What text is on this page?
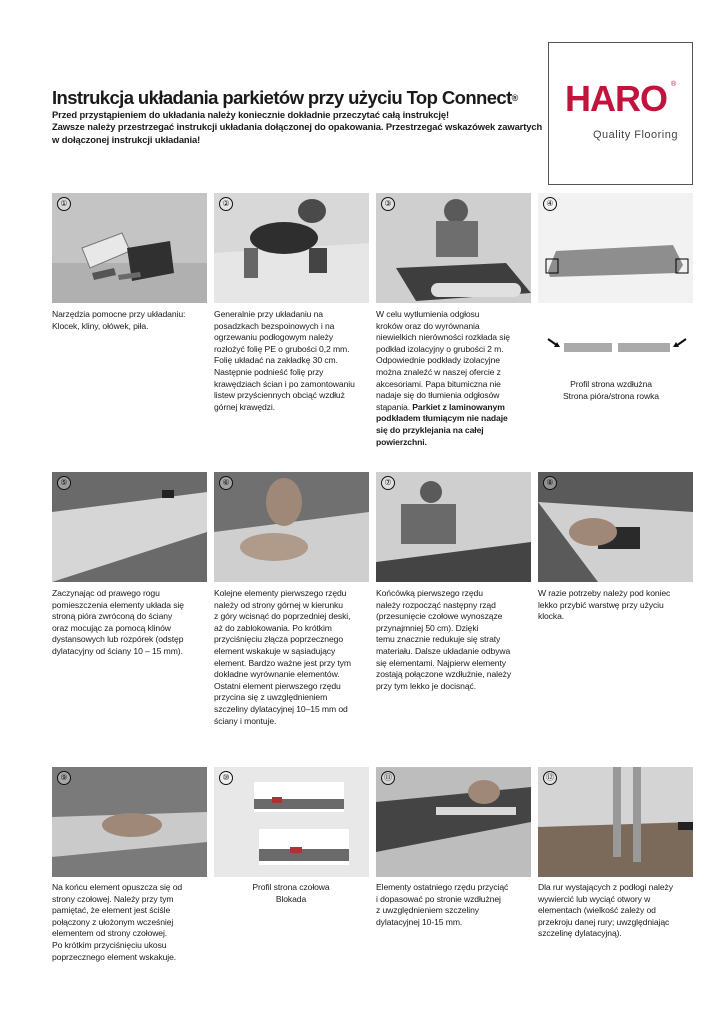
HARO ®
Quality Flooring
Instrukcja układania parkietów przy użyciu Top Connect®
Przed przystąpieniem do układania należy koniecznie dokładnie przeczytać całą instrukcję!
Zawsze należy przestrzegać instrukcji układania dołączonej do opakowania. Przestrzegać wskazówek zawartych
w dołączonej instrukcji układania!
①	②	③	④
Narzędzia pomocne przy układaniu:
Klocek, kliny, ołówek, piła.
Generalnie przy układaniu na
posadzkach bezspoinowych i na
ogrzewaniu podłogowym należy
rozłożyć folię PE o grubości 0,2 mm.
Folię układać na zakładkę 30 cm.
Następnie podnieść folię przy
krawędziach ścian i po zamontowaniu
listew przyściennych obciąć wzdłuż
górnej krawędzi.
W celu wytłumienia odgłosu
kroków oraz do wyrównania
niewielkich nierówności rozkłada się
podkład izolacyjny o grubości 2 m.
Odpowiednie podkłady izolacyjne
można znaleźć w naszej ofercie z
akcesoriami. Papa bitumiczna nie
nadaje się do tłumienia odgłosów
stąpania. Parkiet z laminowanym
podkładem tłumiącym nie nadaje
się do przyklejania na całej
powierzchni.
Profil strona wzdłużna
Strona pióra/strona rowka
⑤	⑥	⑦	⑧
Zaczynając od prawego rogu
pomieszczenia elementy układa się
stroną pióra zwróconą do ściany
oraz mocując za pomocą klinów
dystansowych lub rozpórek (odstęp
dylatacyjny od ściany 10 – 15 mm).
Kolejne elementy pierwszego rzędu
należy od strony górnej w kierunku
z góry wcisnąć do poprzedniej deski,
aż do zablokowania. Po krótkim
przyciśnięciu złącza poprzecznego
element wskakuje w sąsiadujący
element. Bardzo ważne jest przy tym
dokładne wyrównanie elementów.
Ostatni element pierwszego rzędu
przycina się z uwzględnieniem
szczeliny dylatacyjnej 10–15 mm od
ściany i montuje.
Końcówką pierwszego rzędu
należy rozpocząć następny rząd
(przesunięcie czołowe wynosząze
przynajmniej 50 cm). Dzięki
temu znacznie redukuje się straty
materiału. Dalsze układanie odbywa
się elementami. Najpierw elementy
zostają połączone wzdłużnie, należy
przy tym lekko je docisnąć.
W razie potrzeby należy pod koniec
lekko przybić warstwę przy użyciu
klocka.
⑨	⑩	⑪	⑫
Na końcu element opuszcza się od
strony czołowej. Należy przy tym
pamiętać, że element jest ściśle
połączony z ułożonym wcześniej
elementem od strony czołowej.
Po krótkim przyciśnięciu ukosu
poprzecznego element wskakuje.
Profil strona czołowa
Blokada
Elementy ostatniego rzędu przyciąć
i dopasować po stronie wzdłużnej
z uwzględnieniem szczeliny
dylatacyjnej 10-15 mm.
Dla rur wystających z podłogi należy
wywiercić lub wyciąć otwory w
elementach (wielkość zależy od
przekroju danej rury; uwzględniając
szczelinę dylatacyjną).
